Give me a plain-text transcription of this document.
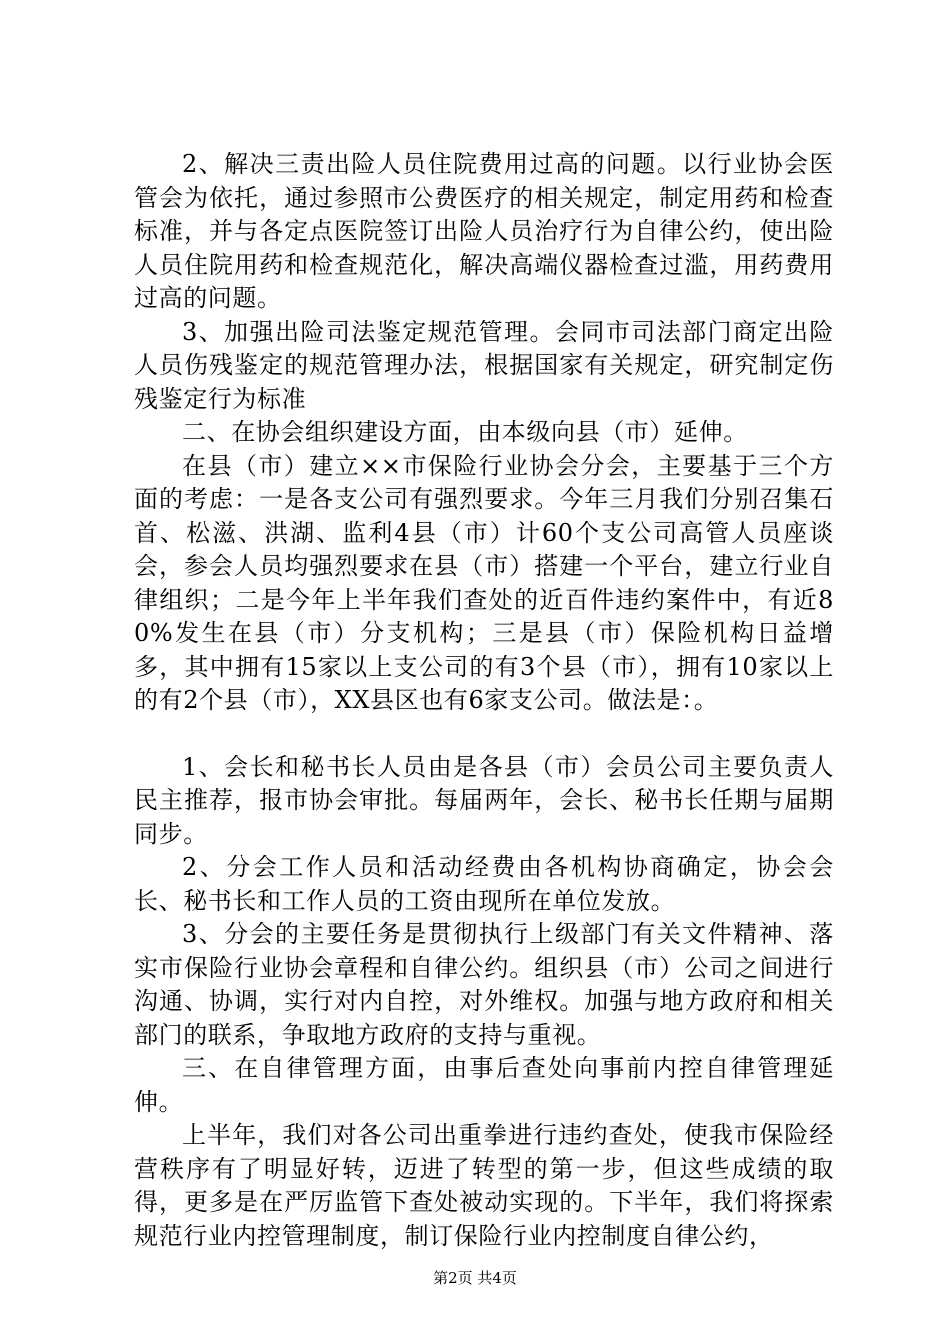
2、解决三责出险人员住院费用过高的问题。以行业协会医管会为依托，通过参照市公费医疗的相关规定，制定用药和检查标准，并与各定点医院签订出险人员治疗行为自律公约，使出险人员住院用药和检查规范化，解决高端仪器检查过滥，用药费用过高的问题。

3、加强出险司法鉴定规范管理。会同市司法部门商定出险人员伤残鉴定的规范管理办法，根据国家有关规定，研究制定伤残鉴定行为标准

二、在协会组织建设方面，由本级向县（市）延伸。

在县（市）建立××市保险行业协会分会，主要基于三个方面的考虑：一是各支公司有强烈要求。今年三月我们分别召集石首、松滋、洪湖、监利4县（市）计60个支公司高管人员座谈会，参会人员均强烈要求在县（市）搭建一个平台，建立行业自律组织；二是今年上半年我们查处的近百件违约案件中，有近80%发生在县（市）分支机构；三是县（市）保险机构日益增多，其中拥有15家以上支公司的有3个县（市），拥有10家以上的有2个县（市），XX县区也有6家支公司。做法是：。

1、会长和秘书长人员由是各县（市）会员公司主要负责人民主推荐，报市协会审批。每届两年，会长、秘书长任期与届期同步。

2、分会工作人员和活动经费由各机构协商确定，协会会长、秘书长和工作人员的工资由现所在单位发放。

3、分会的主要任务是贯彻执行上级部门有关文件精神、落实市保险行业协会章程和自律公约。组织县（市）公司之间进行沟通、协调，实行对内自控，对外维权。加强与地方政府和相关部门的联系，争取地方政府的支持与重视。

三、在自律管理方面，由事后查处向事前内控自律管理延伸。

上半年，我们对各公司出重拳进行违约查处，使我市保险经营秩序有了明显好转，迈进了转型的第一步，但这些成绩的取得，更多是在严厉监管下查处被动实现的。下半年，我们将探索规范行业内控管理制度，制订保险行业内控制度自律公约，

第2页 共4页
